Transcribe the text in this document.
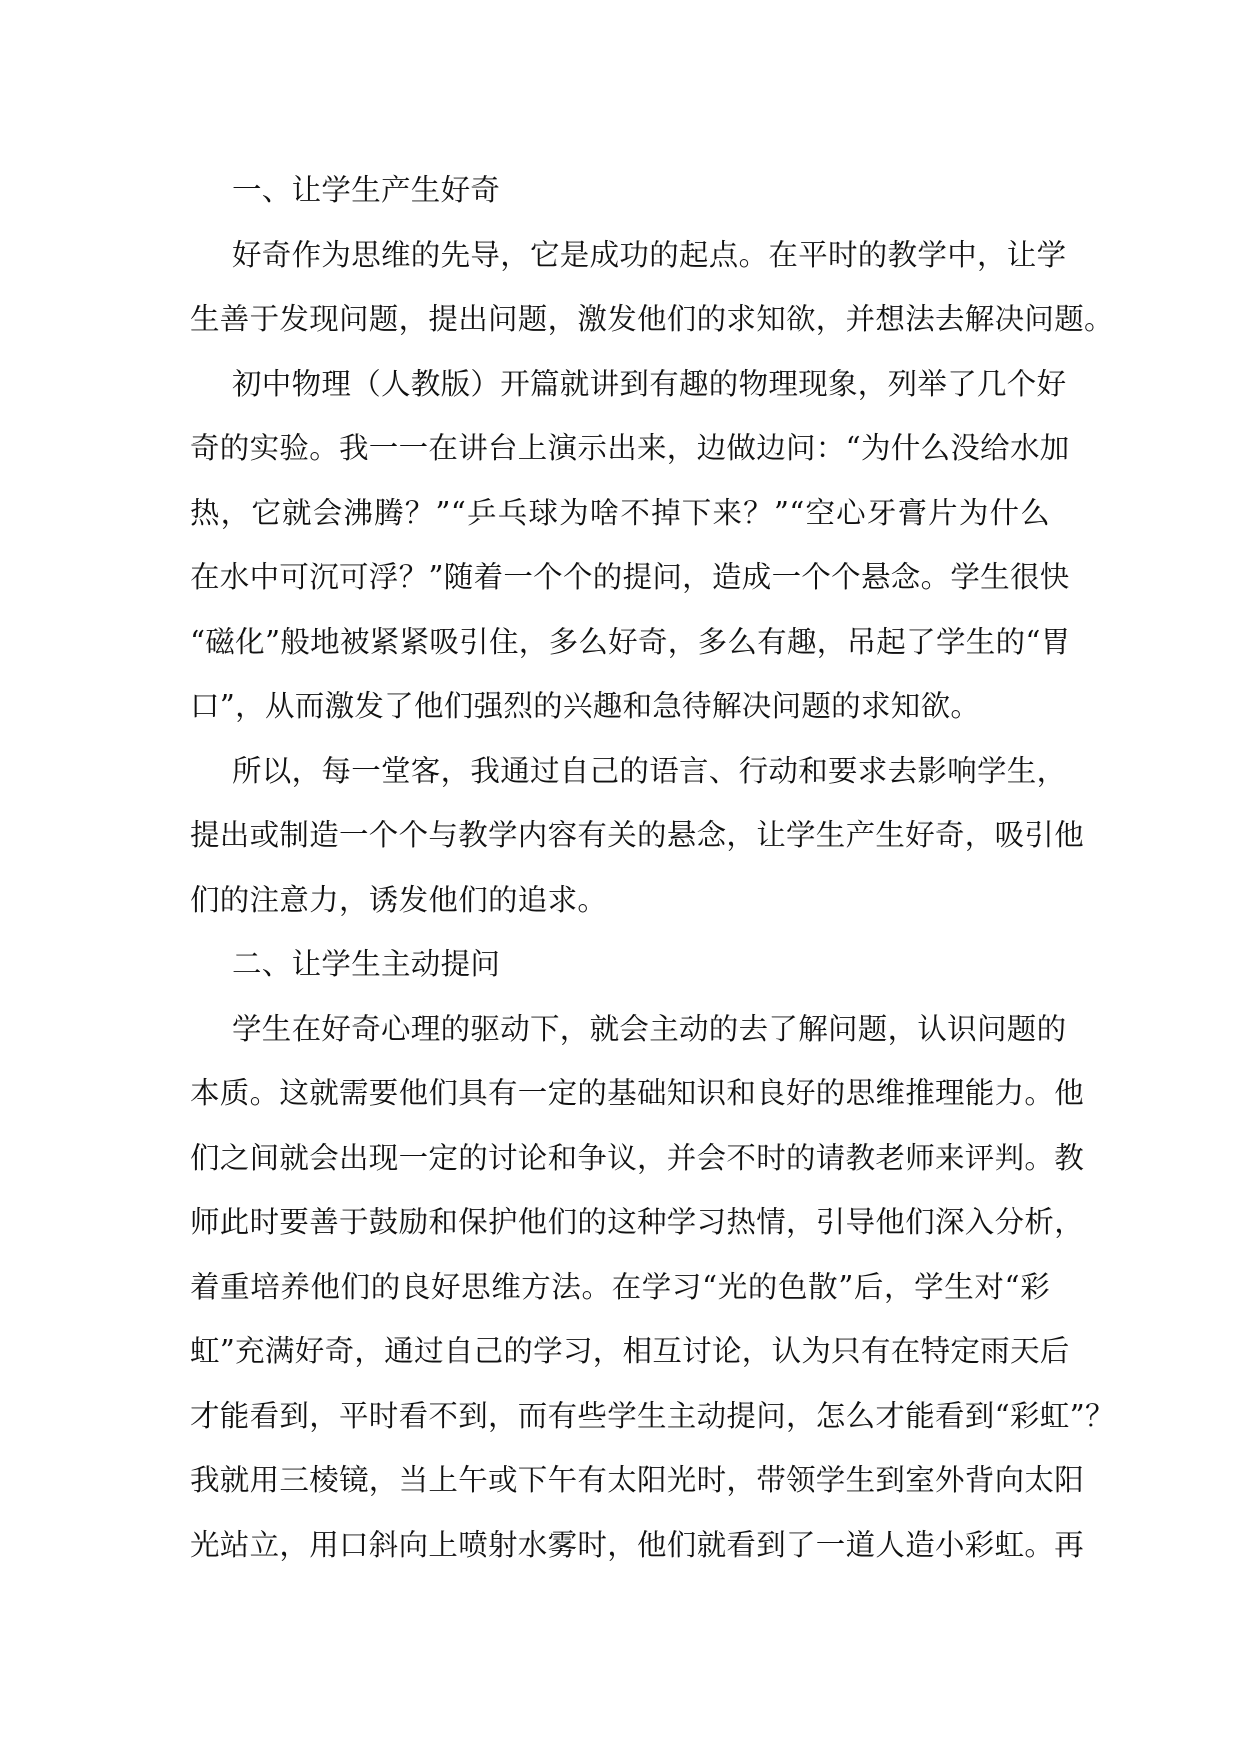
一、让学生产生好奇
好奇作为思维的先导，它是成功的起点。在平时的教学中，让学
生善于发现问题，提出问题，激发他们的求知欲，并想法去解决问题。
初中物理（人教版）开篇就讲到有趣的物理现象，列举了几个好
奇的实验。我一一在讲台上演示出来，边做边问：“为什么没给水加
热，它就会沸腾？”“乒乓球为啥不掉下来？”“空心牙膏片为什么
在水中可沉可浮？”随着一个个的提问，造成一个个悬念。学生很快
“磁化”般地被紧紧吸引住，多么好奇，多么有趣，吊起了学生的“胃
口”，从而激发了他们强烈的兴趣和急待解决问题的求知欲。
所以，每一堂客，我通过自己的语言、行动和要求去影响学生，
提出或制造一个个与教学内容有关的悬念，让学生产生好奇，吸引他
们的注意力，诱发他们的追求。
二、让学生主动提问
学生在好奇心理的驱动下，就会主动的去了解问题，认识问题的
本质。这就需要他们具有一定的基础知识和良好的思维推理能力。他
们之间就会出现一定的讨论和争议，并会不时的请教老师来评判。教
师此时要善于鼓励和保护他们的这种学习热情，引导他们深入分析，
着重培养他们的良好思维方法。在学习“光的色散”后，学生对“彩
虹”充满好奇，通过自己的学习，相互讨论，认为只有在特定雨天后
才能看到，平时看不到，而有些学生主动提问，怎么才能看到“彩虹”？
我就用三棱镜，当上午或下午有太阳光时，带领学生到室外背向太阳
光站立，用口斜向上喷射水雾时，他们就看到了一道人造小彩虹。再
